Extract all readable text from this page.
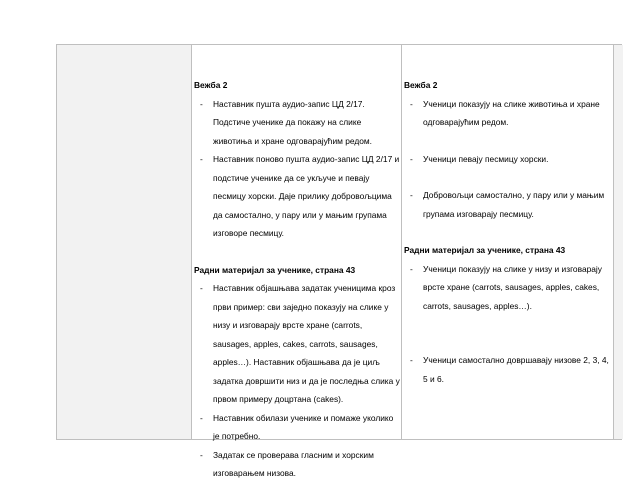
Вежба 2
- Наставник пушта аудио-запис ЦД 2/17. Подстиче ученике да покажу на слике животиња и хране одговарајућим редом.
- Наставник поново пушта аудио-запис ЦД 2/17 и подстиче ученике да се укључе и певају песмицу хорски. Даје прилику добровољцима да самостално, у пару или у мањим групама изговоре песмицу.
Радни материјал за ученике, страна 43
- Наставник објашњава задатак ученицима кроз први пример: сви заједно показују на слике у низу и изговарају врсте хране (carrots, sausages, apples, cakes, carrots, sausages, apples…). Наставник објашњава да је циљ задатка довршити низ и да је последња слика у првом примеру доцртана (cakes).
- Наставник обилази ученике и помаже уколико је потребно.
- Задатак се проверава гласним и хорским изговарањем низова.
Вежба 2
- Ученици показују на слике животиња и хране одговарајућим редом.
- Ученици певају песмицу хорски.
- Добровољци самостално, у пару или у мањим групама изговарају песмицу.
Радни материјал за ученике, страна 43
- Ученици показују на слике у низу и изговарају врсте хране (carrots, sausages, apples, cakes, carrots, sausages, apples…).
- Ученици самостално довршавају низове 2, 3, 4, 5 и 6.
